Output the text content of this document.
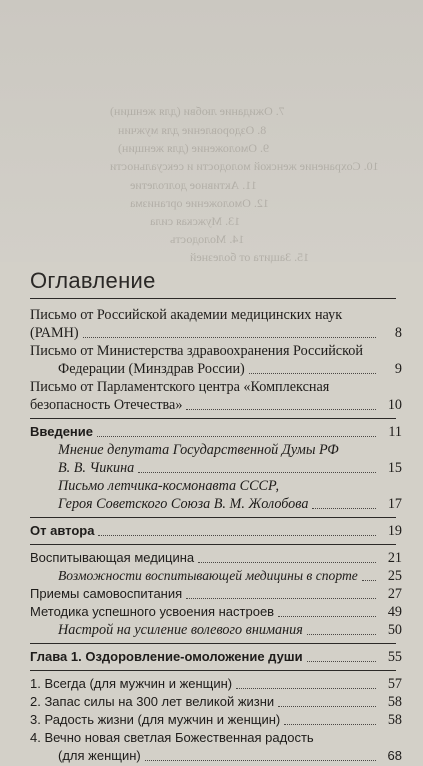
7. Ожидание любви (для женщин)
8. Оздоровление для мужчин
9. Омоложение (для женщин)
10. Сохранение женской молодости и сексуальности
11. Активное долголетие
12. Омоложение организма
13. Мужская сила
14. Молодость
15. Защита от болезней
Оглавление
Письмо от Российской академии медицинских наук
(РАМН)	8
Письмо от Министерства здравоохранения Российской
Федерации (Минздрав России)	9
Письмо от Парламентского центра «Комплексная
безопасность Отечества»	10
Введение	11
Мнение депутата Государственной Думы РФ
В. В. Чикина	15
Письмо летчика-космонавта СССР,
Героя Советского Союза В. М. Жолобова	17
От автора	19
Воспитывающая медицина	21
Возможности воспитывающей медицины в спорте	25
Приемы самовоспитания	27
Методика успешного усвоения настроев	49
Настрой на усиление волевого внимания	50
Глава 1. Оздоровление-омоложение души	55
1. Всегда (для мужчин и женщин)	57
2. Запас силы на 300 лет великой жизни	58
3. Радость жизни (для мужчин и женщин)	58
4. Вечно новая светлая Божественная радость
(для женщин)	68
